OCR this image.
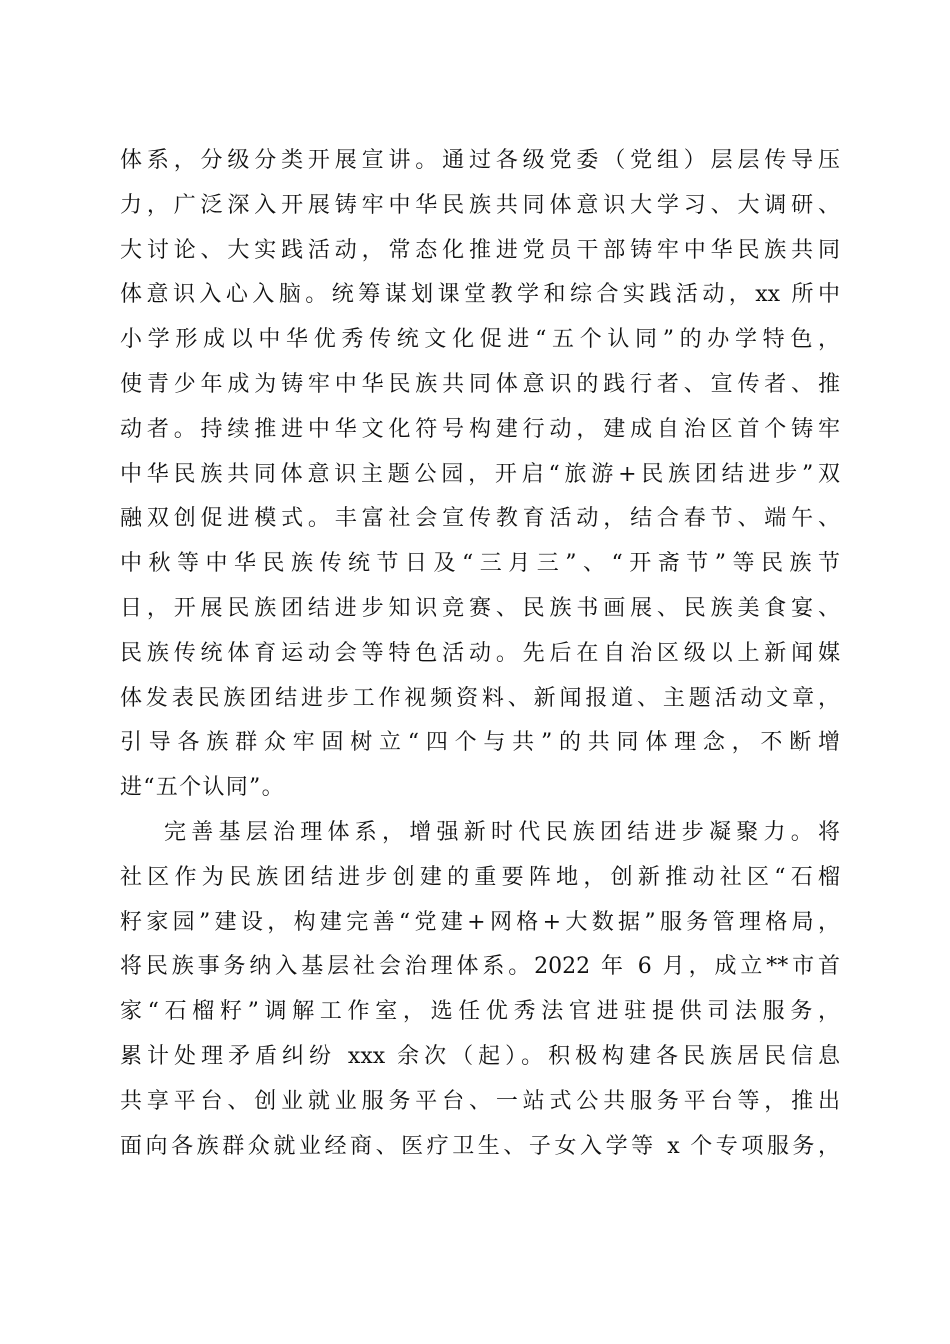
体系，分级分类开展宣讲。通过各级党委（党组）层层传导压
力，广泛深入开展铸牢中华民族共同体意识大学习、大调研、
大讨论、大实践活动，常态化推进党员干部铸牢中华民族共同
体意识入心入脑。统筹谋划课堂教学和综合实践活动，xx 所中
小学形成以中华优秀传统文化促进“五个认同”的办学特色，
使青少年成为铸牢中华民族共同体意识的践行者、宣传者、推
动者。持续推进中华文化符号构建行动，建成自治区首个铸牢
中华民族共同体意识主题公园，开启“旅游+民族团结进步”双
融双创促进模式。丰富社会宣传教育活动，结合春节、端午、
中秋等中华民族传统节日及“三月三”、“开斋节”等民族节
日，开展民族团结进步知识竞赛、民族书画展、民族美食宴、
民族传统体育运动会等特色活动。先后在自治区级以上新闻媒
体发表民族团结进步工作视频资料、新闻报道、主题活动文章，
引导各族群众牢固树立“四个与共”的共同体理念，不断增
进“五个认同”。
完善基层治理体系，增强新时代民族团结进步凝聚力。将
社区作为民族团结进步创建的重要阵地，创新推动社区“石榴
籽家园”建设，构建完善“党建+网格+大数据”服务管理格局，
将民族事务纳入基层社会治理体系。2022 年 6 月，成立**市首
家“石榴籽”调解工作室，选任优秀法官进驻提供司法服务，
累计处理矛盾纠纷 xxx 余次（起）。积极构建各民族居民信息
共享平台、创业就业服务平台、一站式公共服务平台等，推出
面向各族群众就业经商、医疗卫生、子女入学等 x 个专项服务，
